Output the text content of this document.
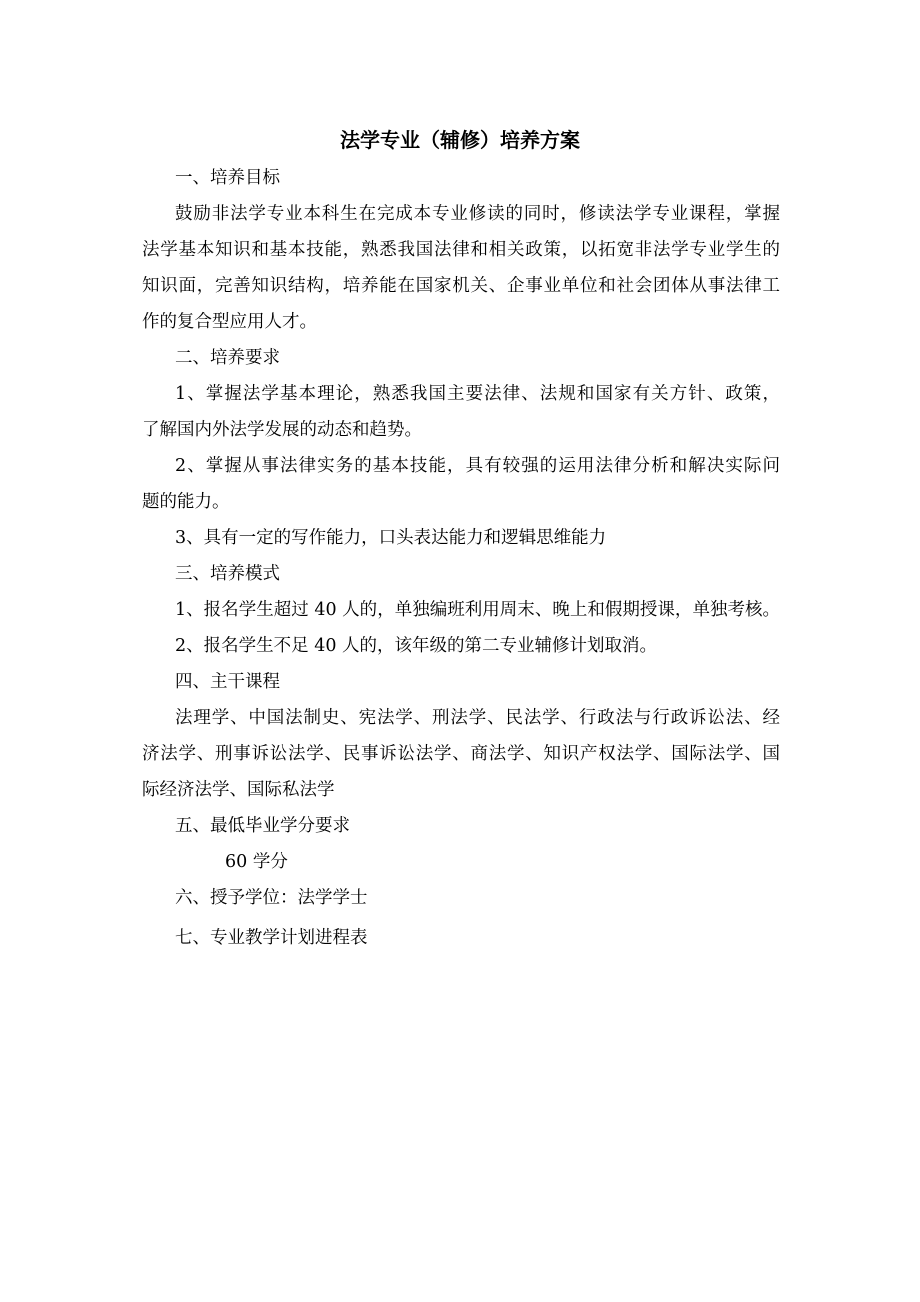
法学专业（辅修）培养方案
一、培养目标
鼓励非法学专业本科生在完成本专业修读的同时，修读法学专业课程，掌握
法学基本知识和基本技能，熟悉我国法律和相关政策，以拓宽非法学专业学生的
知识面，完善知识结构，培养能在国家机关、企事业单位和社会团体从事法律工
作的复合型应用人才。
二、培养要求
1、掌握法学基本理论，熟悉我国主要法律、法规和国家有关方针、政策，
了解国内外法学发展的动态和趋势。
2、掌握从事法律实务的基本技能，具有较强的运用法律分析和解决实际问
题的能力。
3、具有一定的写作能力，口头表达能力和逻辑思维能力
三、培养模式
1、报名学生超过 40 人的，单独编班利用周末、晚上和假期授课，单独考核。
2、报名学生不足 40 人的，该年级的第二专业辅修计划取消。
四、主干课程
法理学、中国法制史、宪法学、刑法学、民法学、行政法与行政诉讼法、经
济法学、刑事诉讼法学、民事诉讼法学、商法学、知识产权法学、国际法学、国
际经济法学、国际私法学
五、最低毕业学分要求
60 学分
六、授予学位：法学学士
七、专业教学计划进程表
